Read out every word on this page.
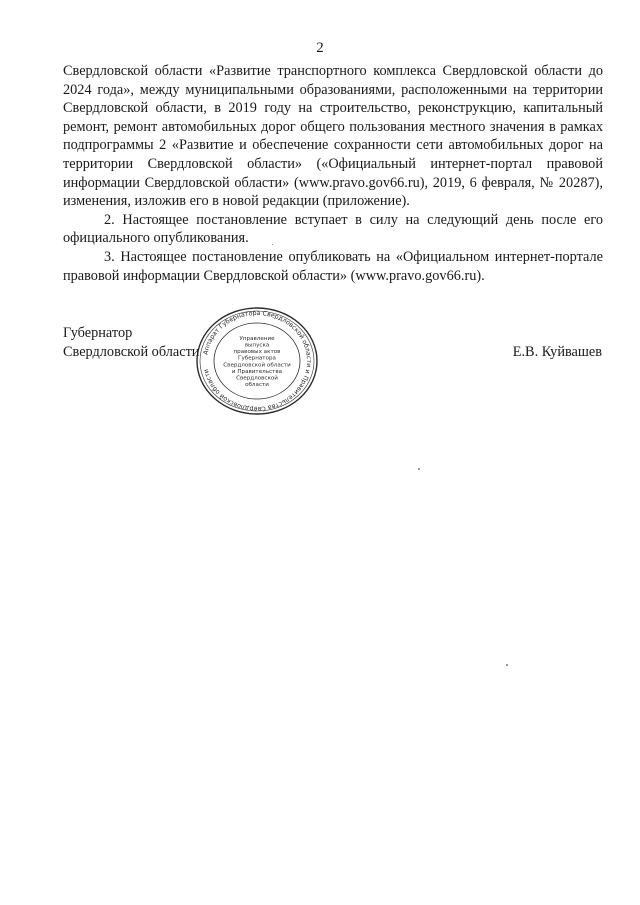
2

Свердловской области «Развитие транспортного комплекса Свердловской области до 2024 года», между муниципальными образованиями, расположенными на территории Свердловской области, в 2019 году на строительство, реконструкцию, капитальный ремонт, ремонт автомобильных дорог общего пользования местного значения в рамках подпрограммы 2 «Развитие и обеспечение сохранности сети автомобильных дорог на территории Свердловской области» («Официальный интернет-портал правовой информации Свердловской области» (www.pravo.gov66.ru), 2019, 6 февраля, № 20287), изменения, изложив его в новой редакции (приложение).

2. Настоящее постановление вступает в силу на следующий день после его официального опубликования.

3. Настоящее постановление опубликовать на «Официальном интернет-портале правовой информации Свердловской области» (www.pravo.gov66.ru).

Губернатор
Свердловской области	Е.В. Куйвашев
Аппарат Губернатора Свердловской области и Правительства Свердловской области
Управление
выпуска
правовых актов
Губернатора
Свердловской области
и Правительства
Свердловской
области
